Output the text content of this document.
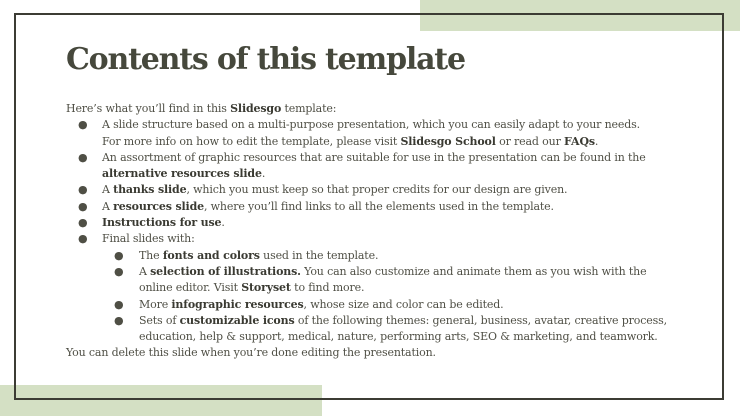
Contents of this template

Here’s what you’ll find in this Slidesgo template:

● A slide structure based on a multi-purpose presentation, which you can easily adapt to your needs.
For more info on how to edit the template, please visit Slidesgo School or read our FAQs.
● An assortment of graphic resources that are suitable for use in the presentation can be found in the
alternative resources slide.
● A thanks slide, which you must keep so that proper credits for our design are given.
● A resources slide, where you’ll find links to all the elements used in the template.
● Instructions for use.
● Final slides with:
● The fonts and colors used in the template.
● A selection of illustrations. You can also customize and animate them as you wish with the
online editor. Visit Storyset to find more.
● More infographic resources, whose size and color can be edited.
● Sets of customizable icons of the following themes: general, business, avatar, creative process,
education, help & support, medical, nature, performing arts, SEO & marketing, and teamwork.

You can delete this slide when you’re done editing the presentation.
